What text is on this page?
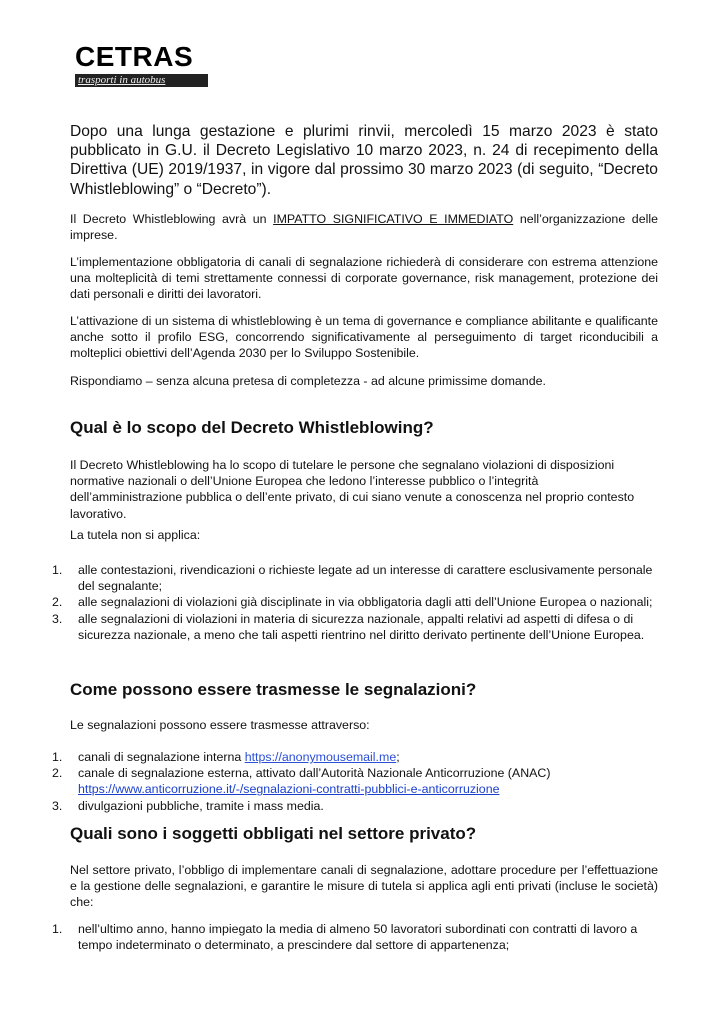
CETRAS
trasporti in autobus
Dopo una lunga gestazione e plurimi rinvii, mercoledì 15 marzo 2023 è stato pubblicato in G.U. il Decreto Legislativo 10 marzo 2023, n. 24 di recepimento della Direttiva (UE) 2019/1937, in vigore dal prossimo 30 marzo 2023 (di seguito, “Decreto Whistleblowing” o “Decreto”).
Il Decreto Whistleblowing avrà un IMPATTO SIGNIFICATIVO E IMMEDIATO nell’organizzazione delle imprese.
L’implementazione obbligatoria di canali di segnalazione richiederà di considerare con estrema attenzione una molteplicità di temi strettamente connessi di corporate governance, risk management, protezione dei dati personali e diritti dei lavoratori.
L’attivazione di un sistema di whistleblowing è un tema di governance e compliance abilitante e qualificante anche sotto il profilo ESG, concorrendo significativamente al perseguimento di target riconducibili a molteplici obiettivi dell’Agenda 2030 per lo Sviluppo Sostenibile.
Rispondiamo – senza alcuna pretesa di completezza - ad alcune primissime domande.
Qual è lo scopo del Decreto Whistleblowing?
Il Decreto Whistleblowing ha lo scopo di tutelare le persone che segnalano violazioni di disposizioni normative nazionali o dell’Unione Europea che ledono l’interesse pubblico o l’integrità dell’amministrazione pubblica o dell’ente privato, di cui siano venute a conoscenza nel proprio contesto lavorativo.
La tutela non si applica:
1. alle contestazioni, rivendicazioni o richieste legate ad un interesse di carattere esclusivamente personale del segnalante;
2. alle segnalazioni di violazioni già disciplinate in via obbligatoria dagli atti dell’Unione Europea o nazionali;
3. alle segnalazioni di violazioni in materia di sicurezza nazionale, appalti relativi ad aspetti di difesa o di sicurezza nazionale, a meno che tali aspetti rientrino nel diritto derivato pertinente dell’Unione Europea.
Come possono essere trasmesse le segnalazioni?
Le segnalazioni possono essere trasmesse attraverso:
1. canali di segnalazione interna https://anonymousemail.me;
2. canale di segnalazione esterna, attivato dall’Autorità Nazionale Anticorruzione (ANAC)
https://www.anticorruzione.it/-/segnalazioni-contratti-pubblici-e-anticorruzione
3. divulgazioni pubbliche, tramite i mass media.
Quali sono i soggetti obbligati nel settore privato?
Nel settore privato, l’obbligo di implementare canali di segnalazione, adottare procedure per l’effettuazione e la gestione delle segnalazioni, e garantire le misure di tutela si applica agli enti privati (incluse le società) che:
1. nell’ultimo anno, hanno impiegato la media di almeno 50 lavoratori subordinati con contratti di lavoro a tempo indeterminato o determinato, a prescindere dal settore di appartenenza;
